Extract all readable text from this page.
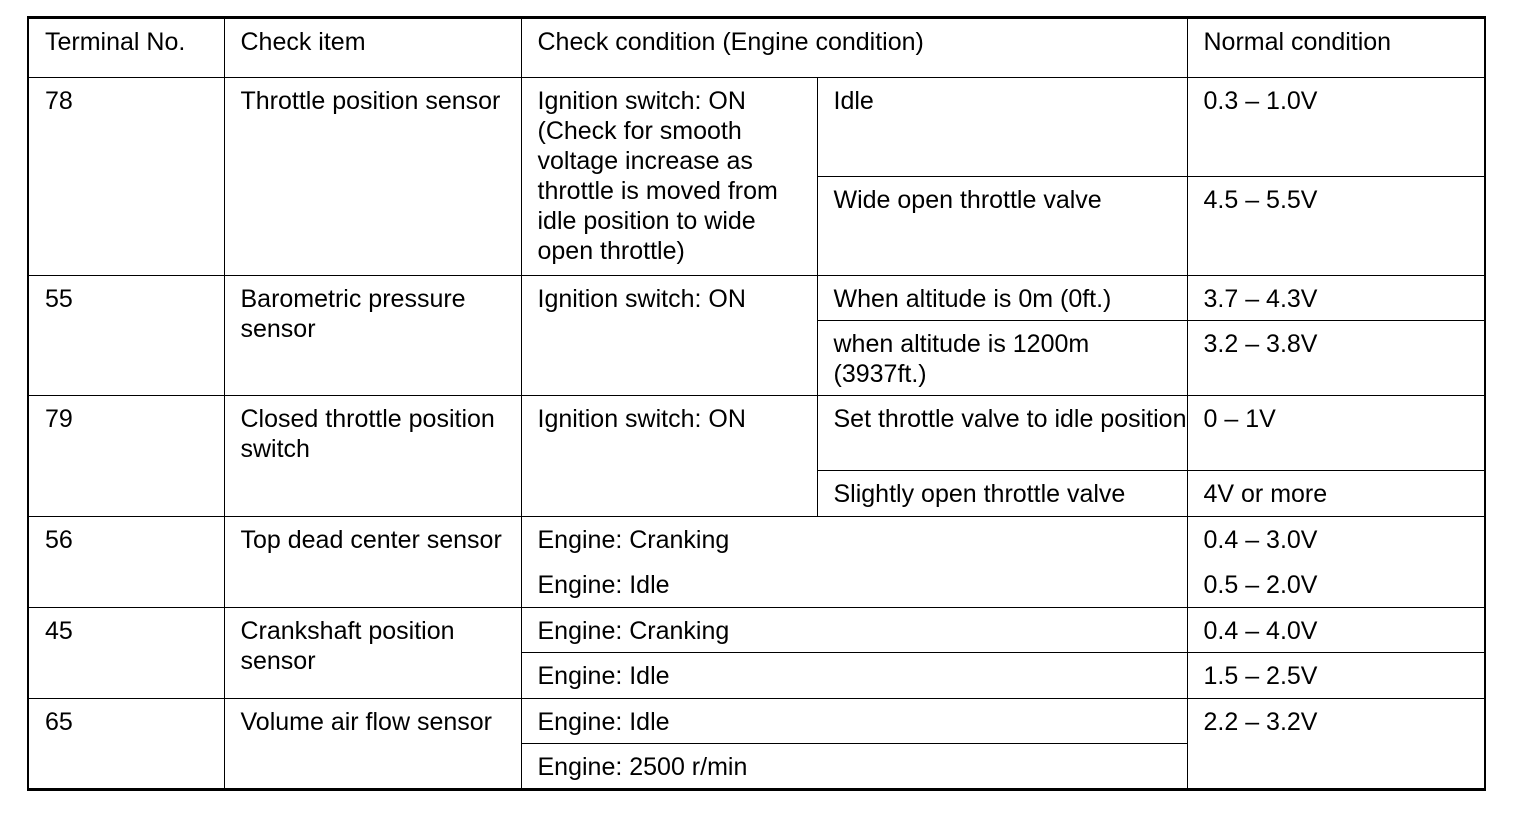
Terminal No.	Check item	Check condition (Engine condition)		Normal condition
78	Throttle position sensor	Ignition switch: ON (Check for smooth voltage increase as throttle is moved from idle position to wide open throttle)	Idle	0.3 – 1.0V
			Wide open throttle valve	4.5 – 5.5V
55	Barometric pressure sensor	Ignition switch: ON	When altitude is 0m (0ft.)	3.7 – 4.3V
			when altitude is 1200m (3937ft.)	3.2 – 3.8V
79	Closed throttle position switch	Ignition switch: ON	Set throttle valve to idle position	0 – 1V
			Slightly open throttle valve	4V or more
56	Top dead center sensor	Engine: Cranking		0.4 – 3.0V
		Engine: Idle		0.5 – 2.0V
45	Crankshaft position sensor	Engine: Cranking		0.4 – 4.0V
		Engine: Idle		1.5 – 2.5V
65	Volume air flow sensor	Engine: Idle		2.2 – 3.2V
		Engine: 2500 r/min		
